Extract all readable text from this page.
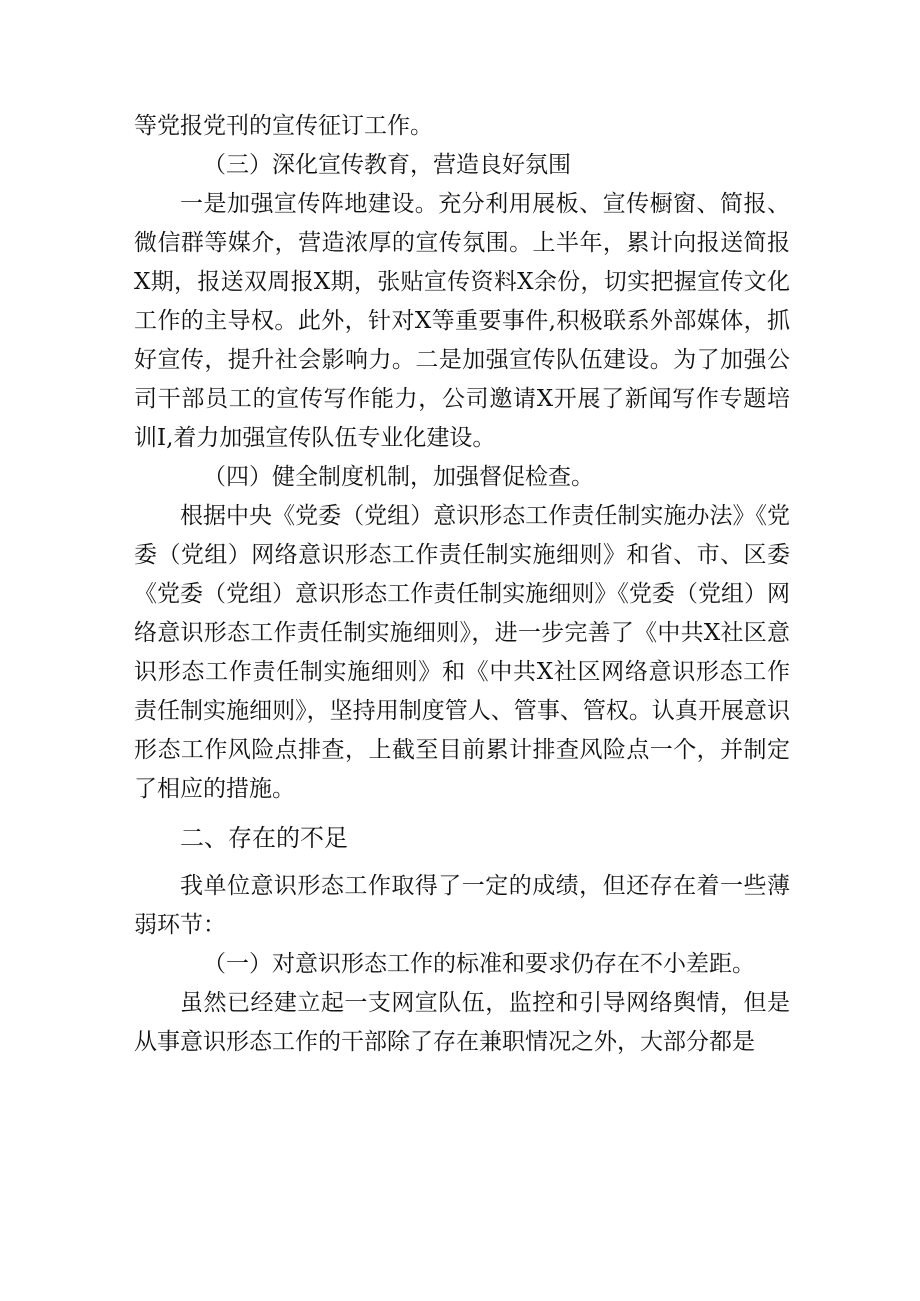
等党报党刊的宣传征订工作。

（三）深化宣传教育，营造良好氛围

一是加强宣传阵地建设。充分利用展板、宣传橱窗、简报、微信群等媒介，营造浓厚的宣传氛围。上半年，累计向报送简报X期，报送双周报X期，张贴宣传资料X余份，切实把握宣传文化工作的主导权。此外，针对X等重要事件,积极联系外部媒体，抓好宣传，提升社会影响力。二是加强宣传队伍建设。为了加强公司干部员工的宣传写作能力，公司邀请X开展了新闻写作专题培训I,着力加强宣传队伍专业化建设。

（四）健全制度机制，加强督促检查。

根据中央《党委（党组）意识形态工作责任制实施办法》《党委（党组）网络意识形态工作责任制实施细则》和省、市、区委《党委（党组）意识形态工作责任制实施细则》《党委（党组）网络意识形态工作责任制实施细则》，进一步完善了《中共X社区意识形态工作责任制实施细则》和《中共X社区网络意识形态工作责任制实施细则》，坚持用制度管人、管事、管权。认真开展意识形态工作风险点排查，上截至目前累计排查风险点一个，并制定了相应的措施。

二、存在的不足

我单位意识形态工作取得了一定的成绩，但还存在着一些薄弱环节：

（一）对意识形态工作的标准和要求仍存在不小差距。

虽然已经建立起一支网宣队伍，监控和引导网络舆情，但是从事意识形态工作的干部除了存在兼职情况之外，大部分都是
